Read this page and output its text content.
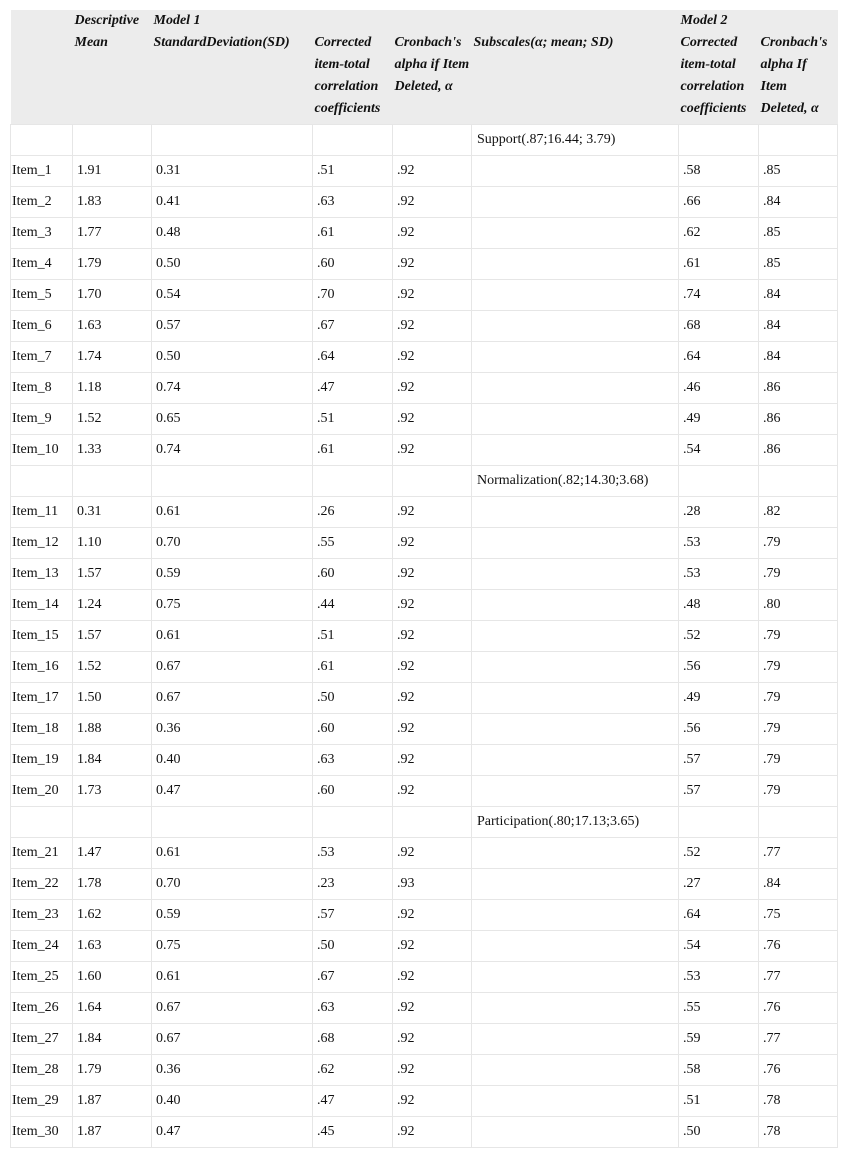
	Descriptive	Model 1				Model 2	
	Mean	StandardDeviation(SD)	Corrected item-total correlation coefficients	Cronbach's alpha if Item Deleted, α	Subscales(α; mean; SD)	Corrected item-total correlation coefficients	Cronbach's alpha If Item Deleted, α
					Support(.87;16.44; 3.79)		
Item_1	1.91	0.31	.51	.92		.58	.85
Item_2	1.83	0.41	.63	.92		.66	.84
Item_3	1.77	0.48	.61	.92		.62	.85
Item_4	1.79	0.50	.60	.92		.61	.85
Item_5	1.70	0.54	.70	.92		.74	.84
Item_6	1.63	0.57	.67	.92		.68	.84
Item_7	1.74	0.50	.64	.92		.64	.84
Item_8	1.18	0.74	.47	.92		.46	.86
Item_9	1.52	0.65	.51	.92		.49	.86
Item_10	1.33	0.74	.61	.92		.54	.86
					Normalization(.82;14.30;3.68)		
Item_11	0.31	0.61	.26	.92		.28	.82
Item_12	1.10	0.70	.55	.92		.53	.79
Item_13	1.57	0.59	.60	.92		.53	.79
Item_14	1.24	0.75	.44	.92		.48	.80
Item_15	1.57	0.61	.51	.92		.52	.79
Item_16	1.52	0.67	.61	.92		.56	.79
Item_17	1.50	0.67	.50	.92		.49	.79
Item_18	1.88	0.36	.60	.92		.56	.79
Item_19	1.84	0.40	.63	.92		.57	.79
Item_20	1.73	0.47	.60	.92		.57	.79
					Participation(.80;17.13;3.65)		
Item_21	1.47	0.61	.53	.92		.52	.77
Item_22	1.78	0.70	.23	.93		.27	.84
Item_23	1.62	0.59	.57	.92		.64	.75
Item_24	1.63	0.75	.50	.92		.54	.76
Item_25	1.60	0.61	.67	.92		.53	.77
Item_26	1.64	0.67	.63	.92		.55	.76
Item_27	1.84	0.67	.68	.92		.59	.77
Item_28	1.79	0.36	.62	.92		.58	.76
Item_29	1.87	0.40	.47	.92		.51	.78
Item_30	1.87	0.47	.45	.92		.50	.78
